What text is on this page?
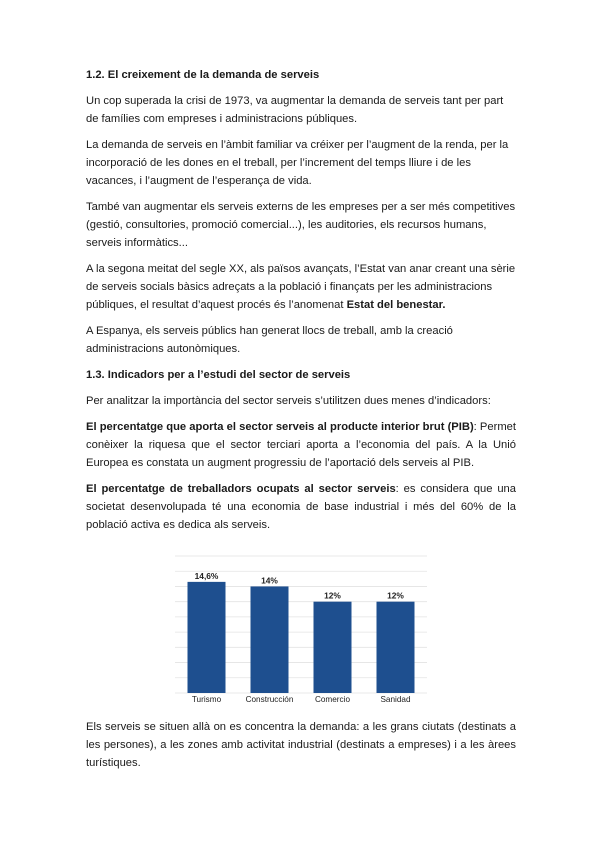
1.2. El creixement de la demanda de serveis

Un cop superada la crisi de 1973, va augmentar la demanda de serveis tant per part de famílies com empreses i administracions públiques.

La demanda de serveis en l’àmbit familiar va créixer per l’augment de la renda, per la incorporació de les dones en el treball, per l’increment del temps lliure i de les vacances, i l’augment de l’esperança de vida.

També van augmentar els serveis externs de les empreses per a ser més competitives (gestió, consultories, promoció comercial...), les auditories, els recursos humans, serveis informàtics...

A la segona meitat del segle XX, als països avançats, l’Estat van anar creant una sèrie de serveis socials bàsics adreçats a la població i finançats per les administracions públiques, el resultat d’aquest procés és l’anomenat Estat del benestar.

A Espanya, els serveis públics han generat llocs de treball, amb la creació administracions autonòmiques.

1.3. Indicadors per a l’estudi del sector de serveis

Per analitzar la importància del sector serveis s’utilitzen dues menes d’indicadors:

El percentatge que aporta el sector serveis al producte interior brut (PIB): Permet conèixer la riquesa que el sector terciari aporta a l’economia del país. A la Unió Europea es constata un augment progressiu de l’aportació dels serveis al PIB.

El percentatge de treballadors ocupats al sector serveis: es considera que una societat desenvolupada té una economia de base industrial i més del 60% de la població activa es dedica als serveis.

14,6%
Turismo
14%
Construcción
12%
Comercio
12%
Sanidad

Els serveis se situen allà on es concentra la demanda: a les grans ciutats (destinats a les persones), a les zones amb activitat industrial (destinats a empreses) i a les àrees turístiques.
